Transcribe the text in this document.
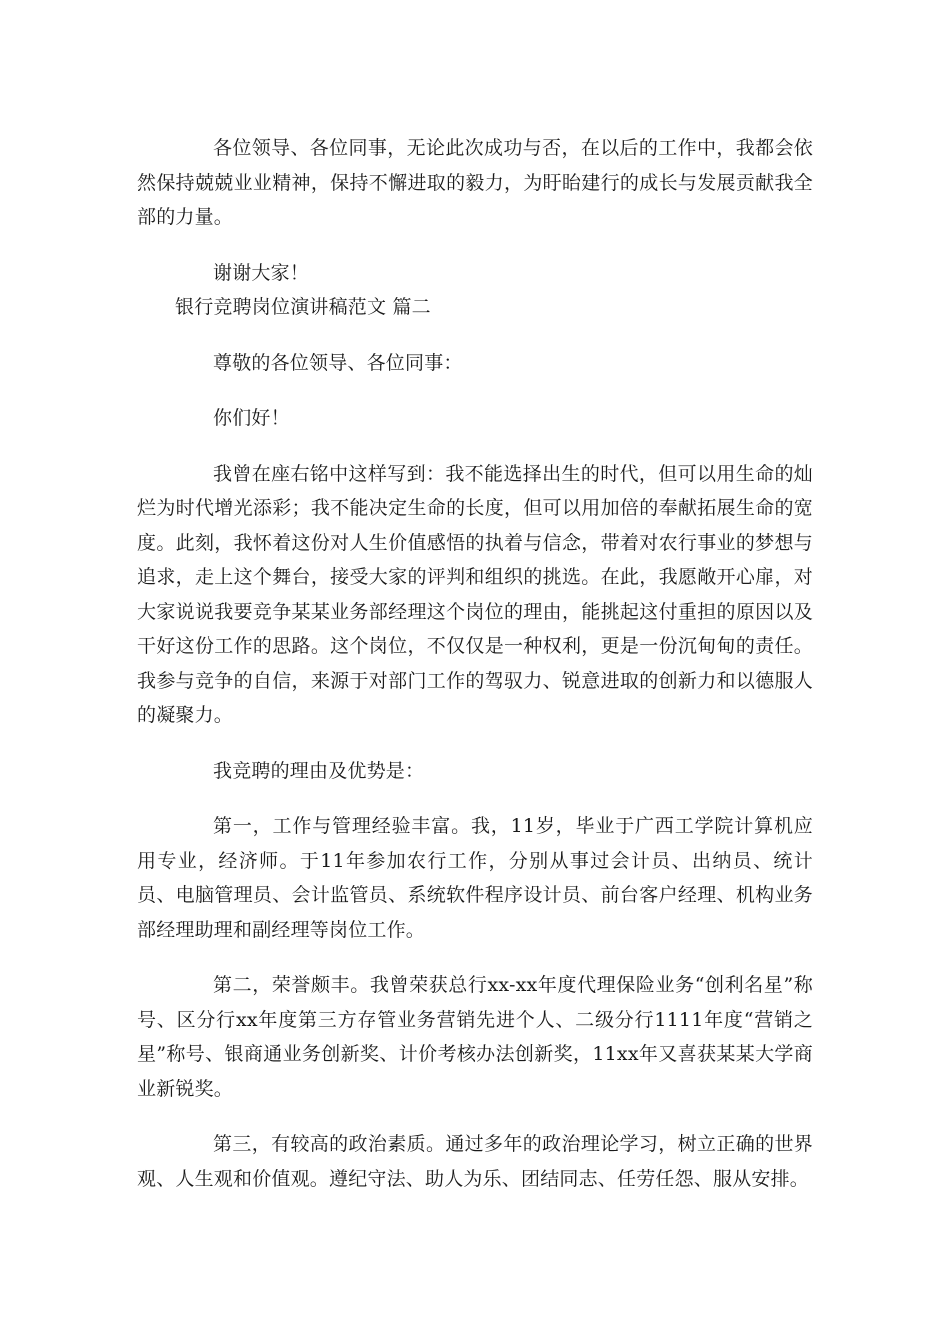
各位领导、各位同事，无论此次成功与否，在以后的工作中，我都会依然保持兢兢业业精神，保持不懈进取的毅力，为盱眙建行的成长与发展贡献我全部的力量。

谢谢大家！

银行竞聘岗位演讲稿范文 篇二

尊敬的各位领导、各位同事：

你们好！

我曾在座右铭中这样写到：我不能选择出生的时代，但可以用生命的灿烂为时代增光添彩；我不能决定生命的长度，但可以用加倍的奉献拓展生命的宽度。此刻，我怀着这份对人生价值感悟的执着与信念，带着对农行事业的梦想与追求，走上这个舞台，接受大家的评判和组织的挑选。在此，我愿敞开心扉，对大家说说我要竞争某某业务部经理这个岗位的理由，能挑起这付重担的原因以及干好这份工作的思路。这个岗位，不仅仅是一种权利，更是一份沉甸甸的责任。我参与竞争的自信，来源于对部门工作的驾驭力、锐意进取的创新力和以德服人的凝聚力。

我竞聘的理由及优势是：

第一，工作与管理经验丰富。我，11岁，毕业于广西工学院计算机应用专业，经济师。于11年参加农行工作，分别从事过会计员、出纳员、统计员、电脑管理员、会计监管员、系统软件程序设计员、前台客户经理、机构业务部经理助理和副经理等岗位工作。

第二，荣誉颇丰。我曾荣获总行xx-xx年度代理保险业务“创利名星”称号、区分行xx年度第三方存管业务营销先进个人、二级分行1111年度“营销之星”称号、银商通业务创新奖、计价考核办法创新奖，11xx年又喜获某某大学商业新锐奖。

第三，有较高的政治素质。通过多年的政治理论学习，树立正确的世界观、人生观和价值观。遵纪守法、助人为乐、团结同志、任劳任怨、服从安排。
